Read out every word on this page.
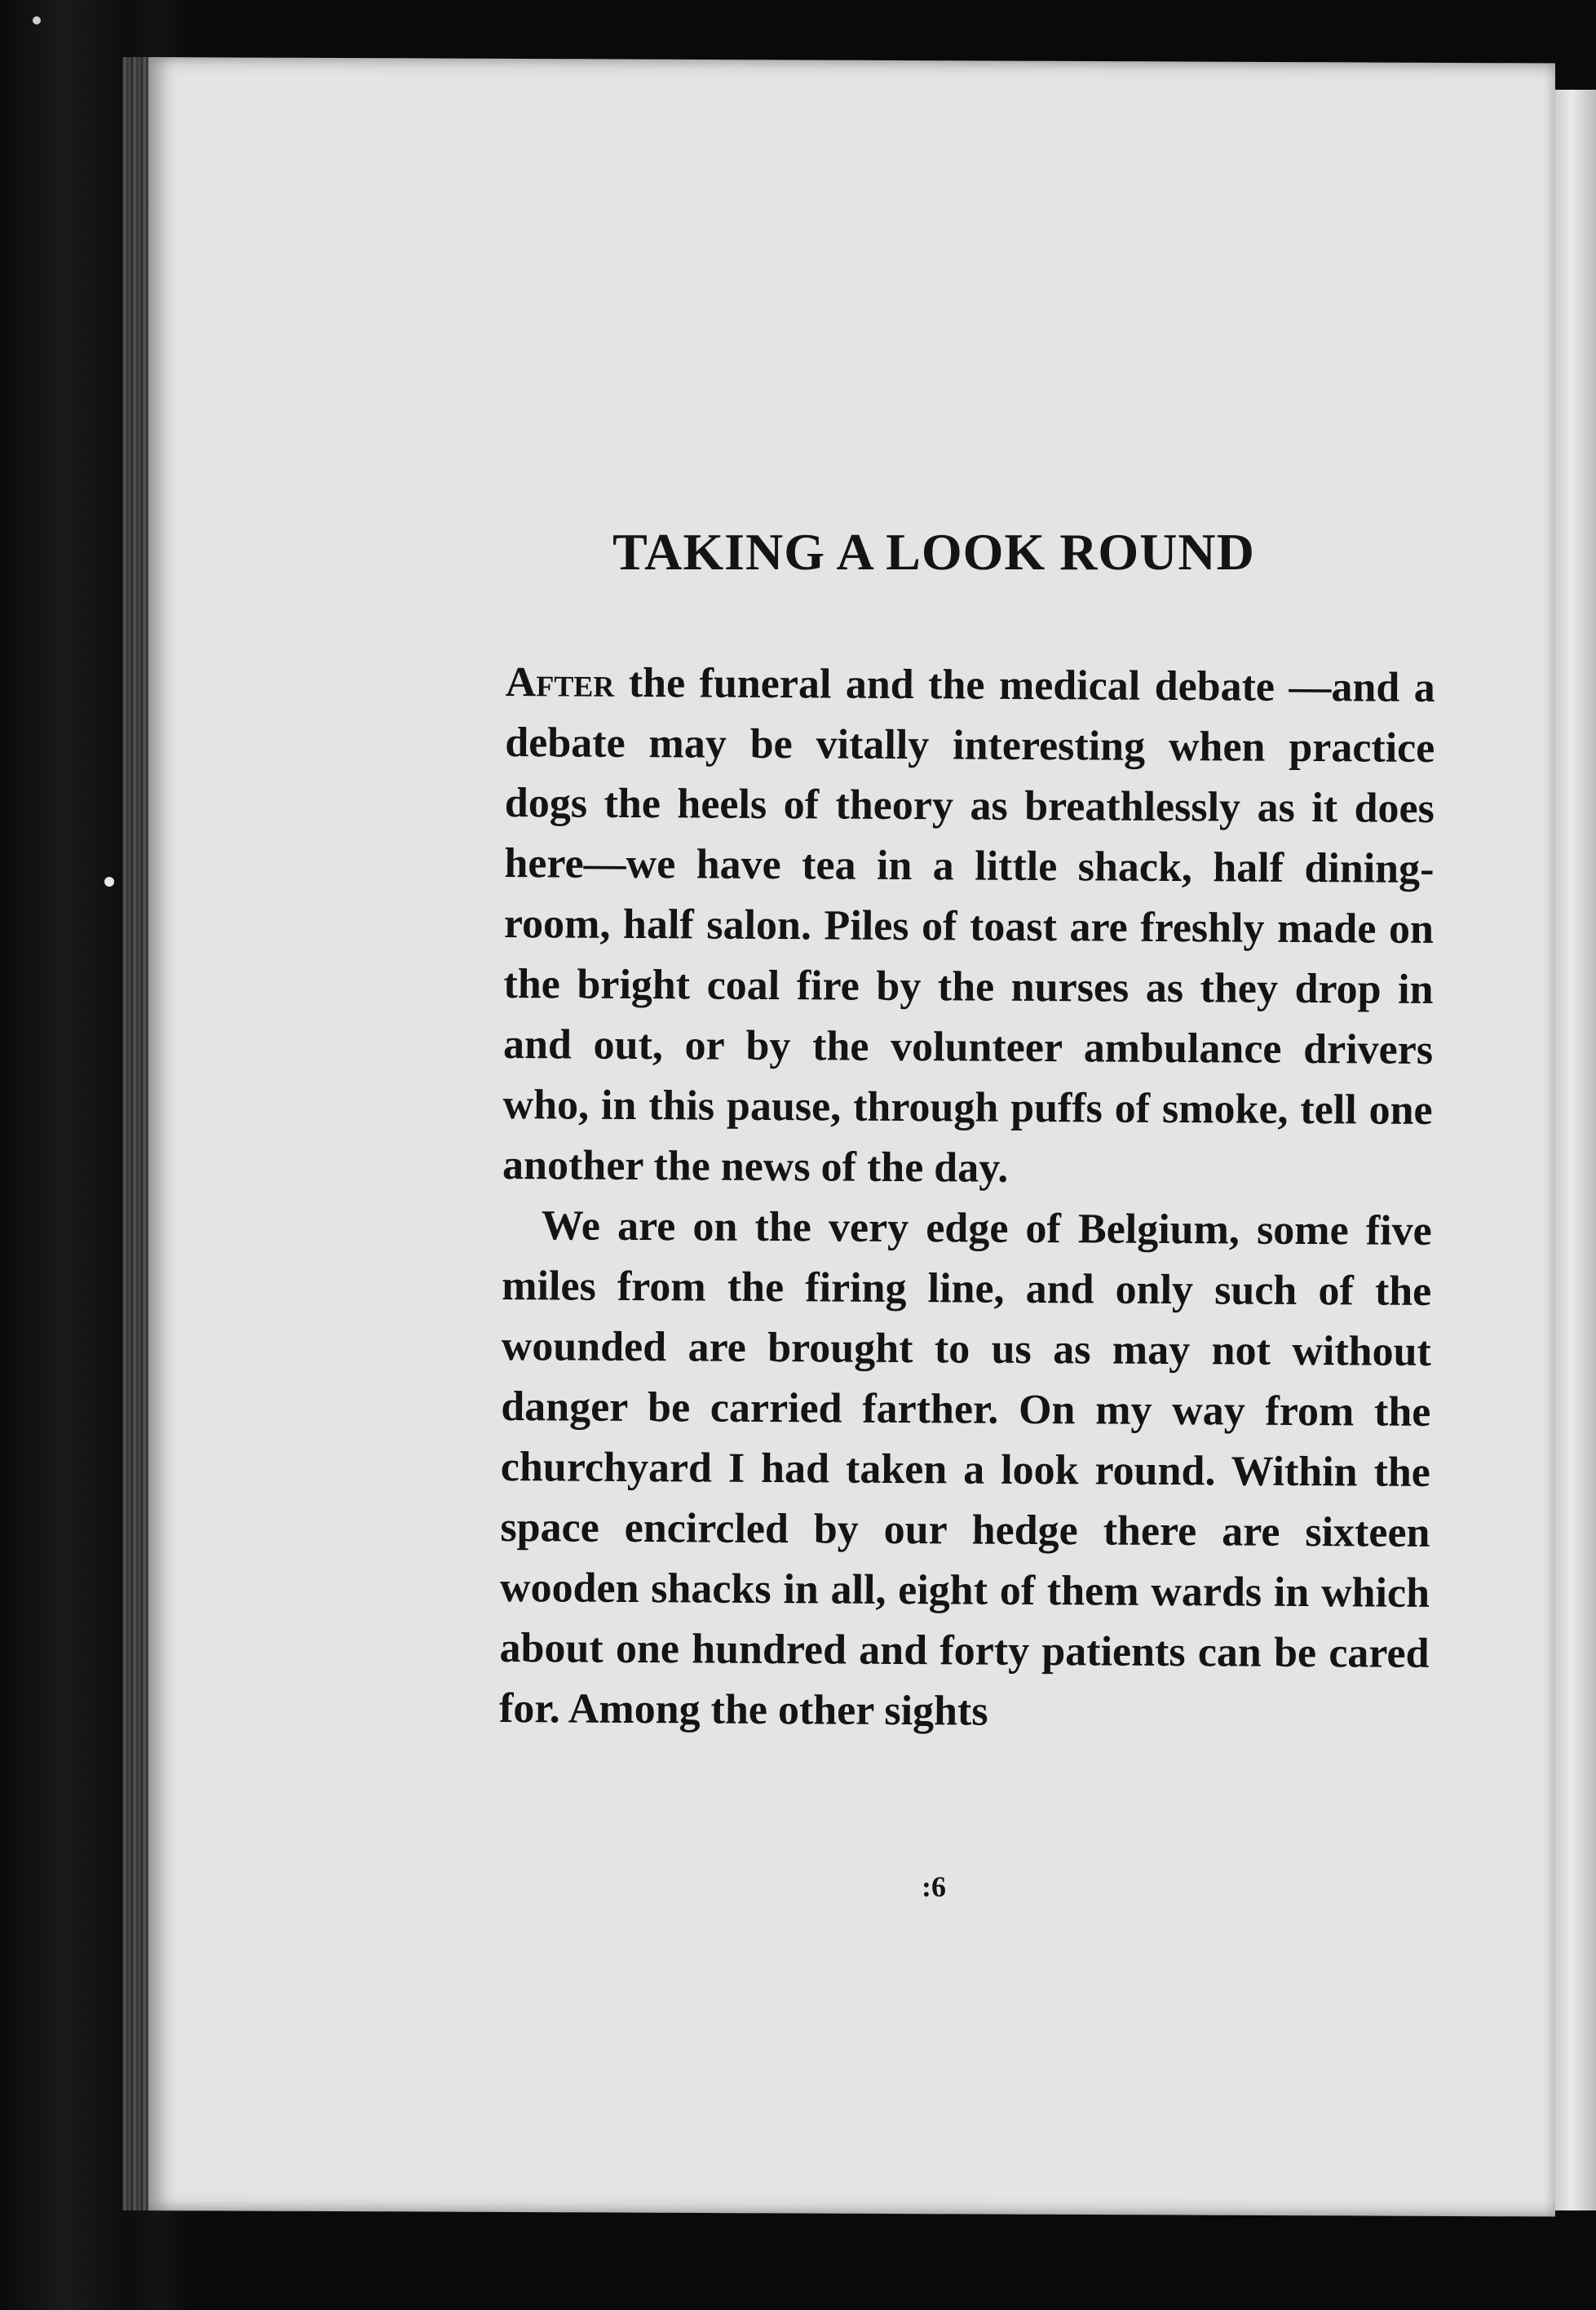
TAKING A LOOK ROUND

After the funeral and the medical debate —and a debate may be vitally interesting when practice dogs the heels of theory as breathlessly as it does here—we have tea in a little shack, half dining-room, half salon. Piles of toast are freshly made on the bright coal fire by the nurses as they drop in and out, or by the volunteer ambulance drivers who, in this pause, through puffs of smoke, tell one another the news of the day.

We are on the very edge of Belgium, some five miles from the firing line, and only such of the wounded are brought to us as may not without danger be carried farther. On my way from the churchyard I had taken a look round. Within the space encircled by our hedge there are sixteen wooden shacks in all, eight of them wards in which about one hundred and forty patients can be cared for. Among the other sights

:6
